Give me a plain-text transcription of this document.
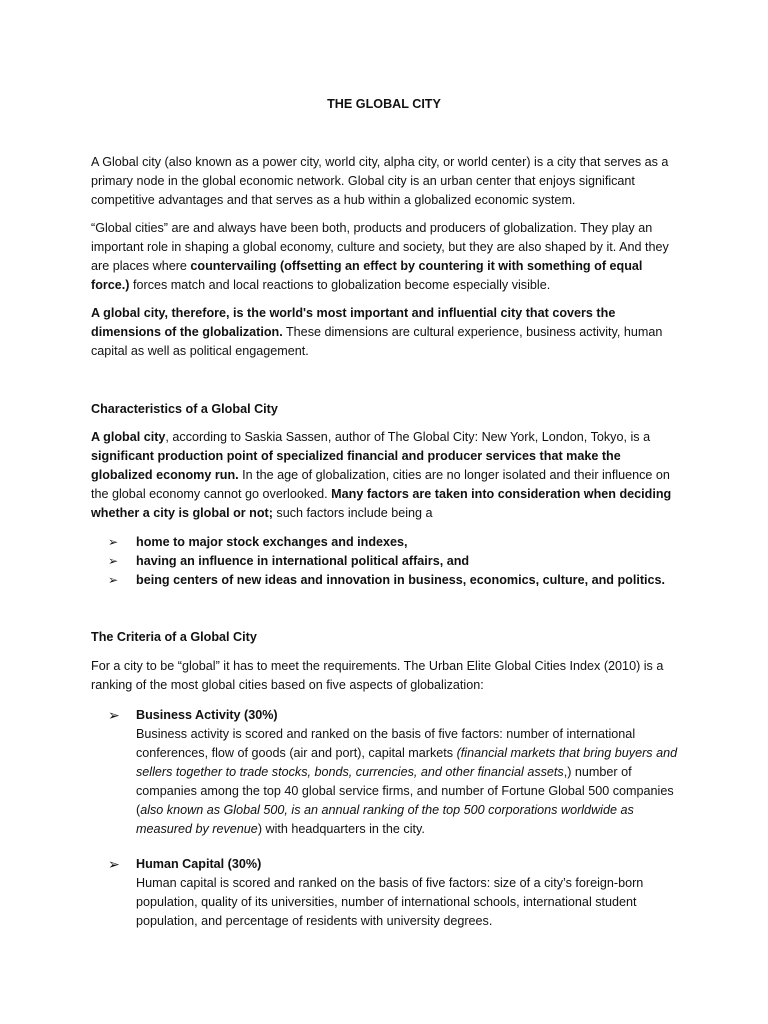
THE GLOBAL CITY

A Global city (also known as a power city, world city, alpha city, or world center) is a city that serves as a primary node in the global economic network. Global city is an urban center that enjoys significant competitive advantages and that serves as a hub within a globalized economic system.

“Global cities” are and always have been both, products and producers of globalization. They play an important role in shaping a global economy, culture and society, but they are also shaped by it. And they are places where countervailing (offsetting an effect by countering it with something of equal force.) forces match and local reactions to globalization become especially visible.

A global city, therefore, is the world's most important and influential city that covers the dimensions of the globalization. These dimensions are cultural experience, business activity, human capital as well as political engagement.

Characteristics of a Global City

A global city, according to Saskia Sassen, author of The Global City: New York, London, Tokyo, is a significant production point of specialized financial and producer services that make the globalized economy run. In the age of globalization, cities are no longer isolated and their influence on the global economy cannot go overlooked. Many factors are taken into consideration when deciding whether a city is global or not; such factors include being a

➢ home to major stock exchanges and indexes,
➢ having an influence in international political affairs, and
➢ being centers of new ideas and innovation in business, economics, culture, and politics.

The Criteria of a Global City

For a city to be “global” it has to meet the requirements. The Urban Elite Global Cities Index (2010) is a ranking of the most global cities based on five aspects of globalization:

➢	Business Activity (30%)
Business activity is scored and ranked on the basis of five factors: number of international conferences, flow of goods (air and port), capital markets (financial markets that bring buyers and sellers together to trade stocks, bonds, currencies, and other financial assets,) number of companies among the top 40 global service firms, and number of Fortune Global 500 companies (also known as Global 500, is an annual ranking of the top 500 corporations worldwide as measured by revenue) with headquarters in the city.
➢	Human Capital (30%)
Human capital is scored and ranked on the basis of five factors: size of a city’s foreign-born population, quality of its universities, number of international schools, international student population, and percentage of residents with university degrees.
